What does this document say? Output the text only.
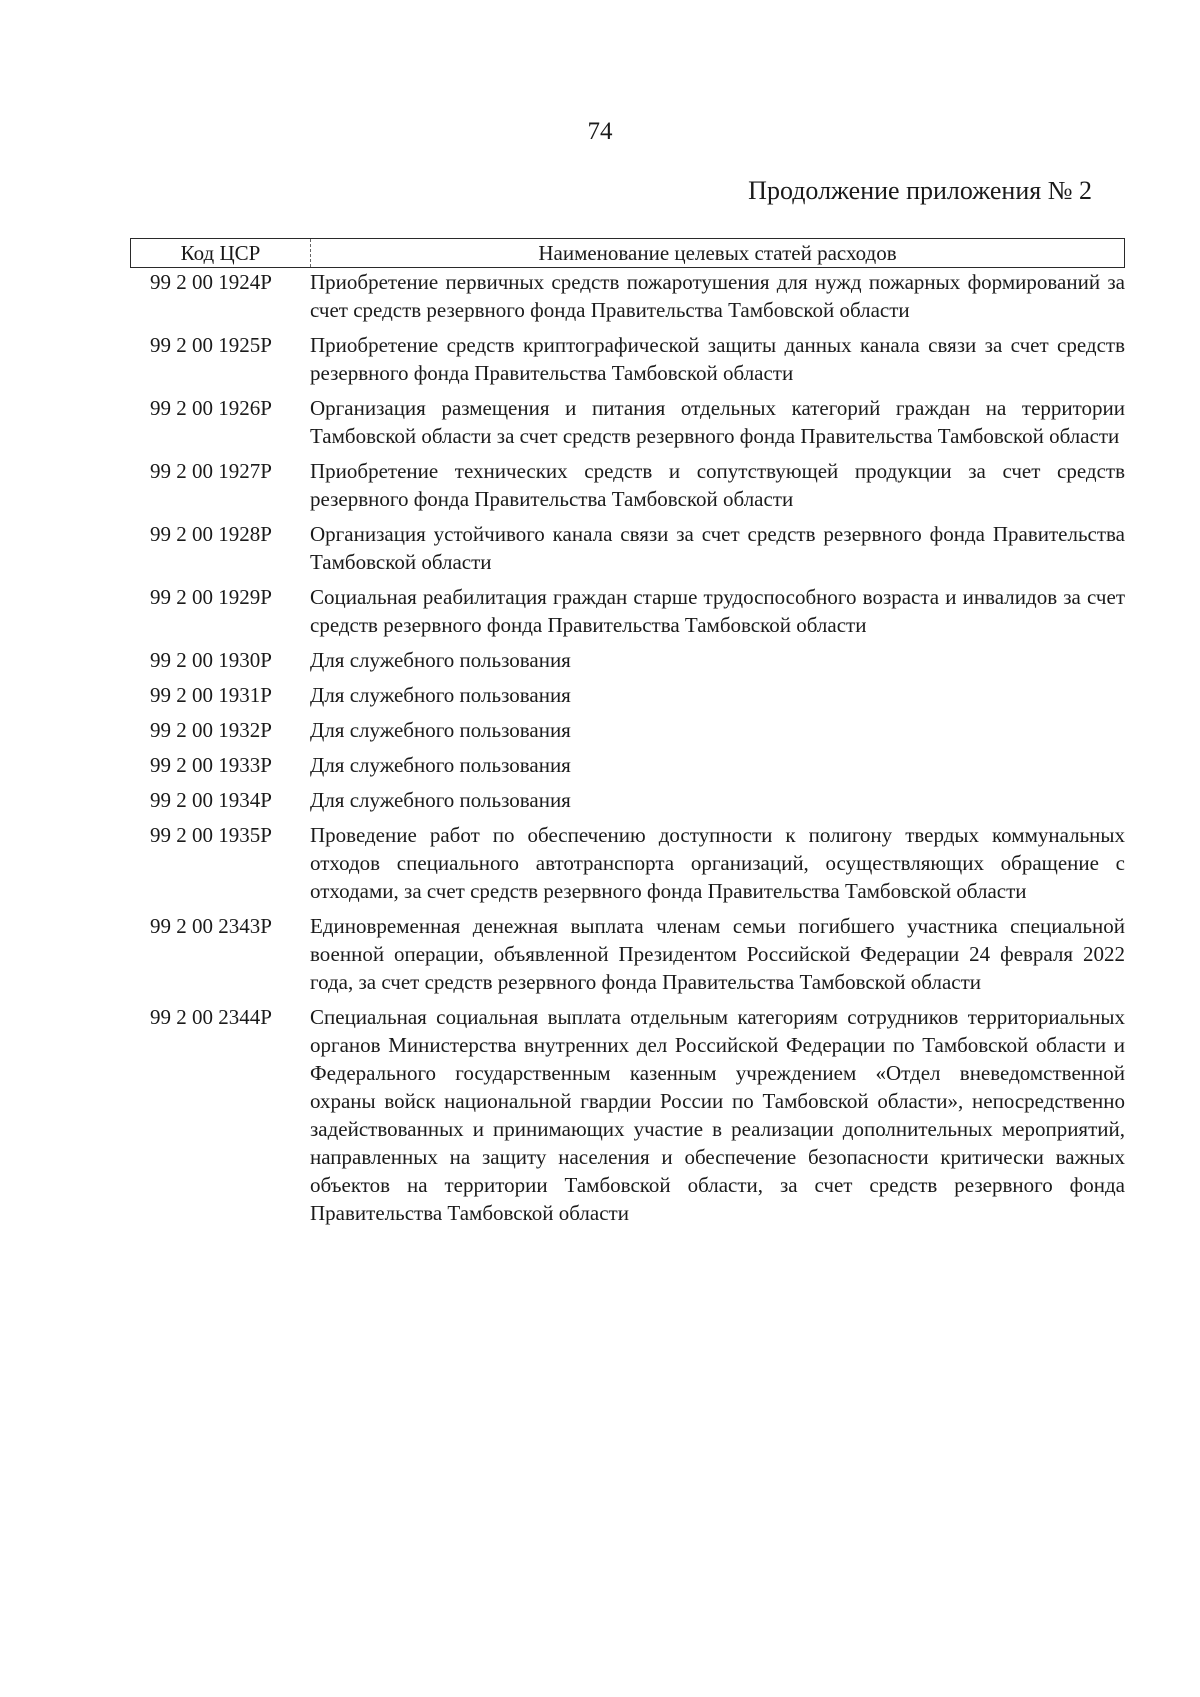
74
Продолжение приложения № 2
Код ЦСР	Наименование целевых статей расходов
99 2 00 1924Р	Приобретение первичных средств пожаротушения для нужд пожарных формирований за счет средств резервного фонда Правительства Тамбовской области
99 2 00 1925Р	Приобретение средств криптографической защиты данных канала связи за счет средств резервного фонда Правительства Тамбовской области
99 2 00 1926Р	Организация размещения и питания отдельных категорий граждан на территории Тамбовской области за счет средств резервного фонда Правительства Тамбовской области
99 2 00 1927Р	Приобретение технических средств и сопутствующей продукции за счет средств резервного фонда Правительства Тамбовской области
99 2 00 1928Р	Организация устойчивого канала связи за счет средств резервного фонда Правительства Тамбовской области
99 2 00 1929Р	Социальная реабилитация граждан старше трудоспособного возраста и инвалидов за счет средств резервного фонда Правительства Тамбовской области
99 2 00 1930Р	Для служебного пользования
99 2 00 1931Р	Для служебного пользования
99 2 00 1932Р	Для служебного пользования
99 2 00 1933Р	Для служебного пользования
99 2 00 1934Р	Для служебного пользования
99 2 00 1935Р	Проведение работ по обеспечению доступности к полигону твердых коммунальных отходов специального автотранспорта организаций, осуществляющих обращение с отходами, за счет средств резервного фонда Правительства Тамбовской области
99 2 00 2343Р	Единовременная денежная выплата членам семьи погибшего участника специальной военной операции, объявленной Президентом Российской Федерации 24 февраля 2022 года, за счет средств резервного фонда Правительства Тамбовской области
99 2 00 2344Р	Специальная социальная выплата отдельным категориям сотрудников территориальных органов Министерства внутренних дел Российской Федерации по Тамбовской области и Федерального государственным казенным учреждением «Отдел вневедомственной охраны войск национальной гвардии России по Тамбовской области», непосредственно задействованных и принимающих участие в реализации дополнительных мероприятий, направленных на защиту населения и обеспечение безопасности критически важных объектов на территории Тамбовской области, за счет средств резервного фонда Правительства Тамбовской области
